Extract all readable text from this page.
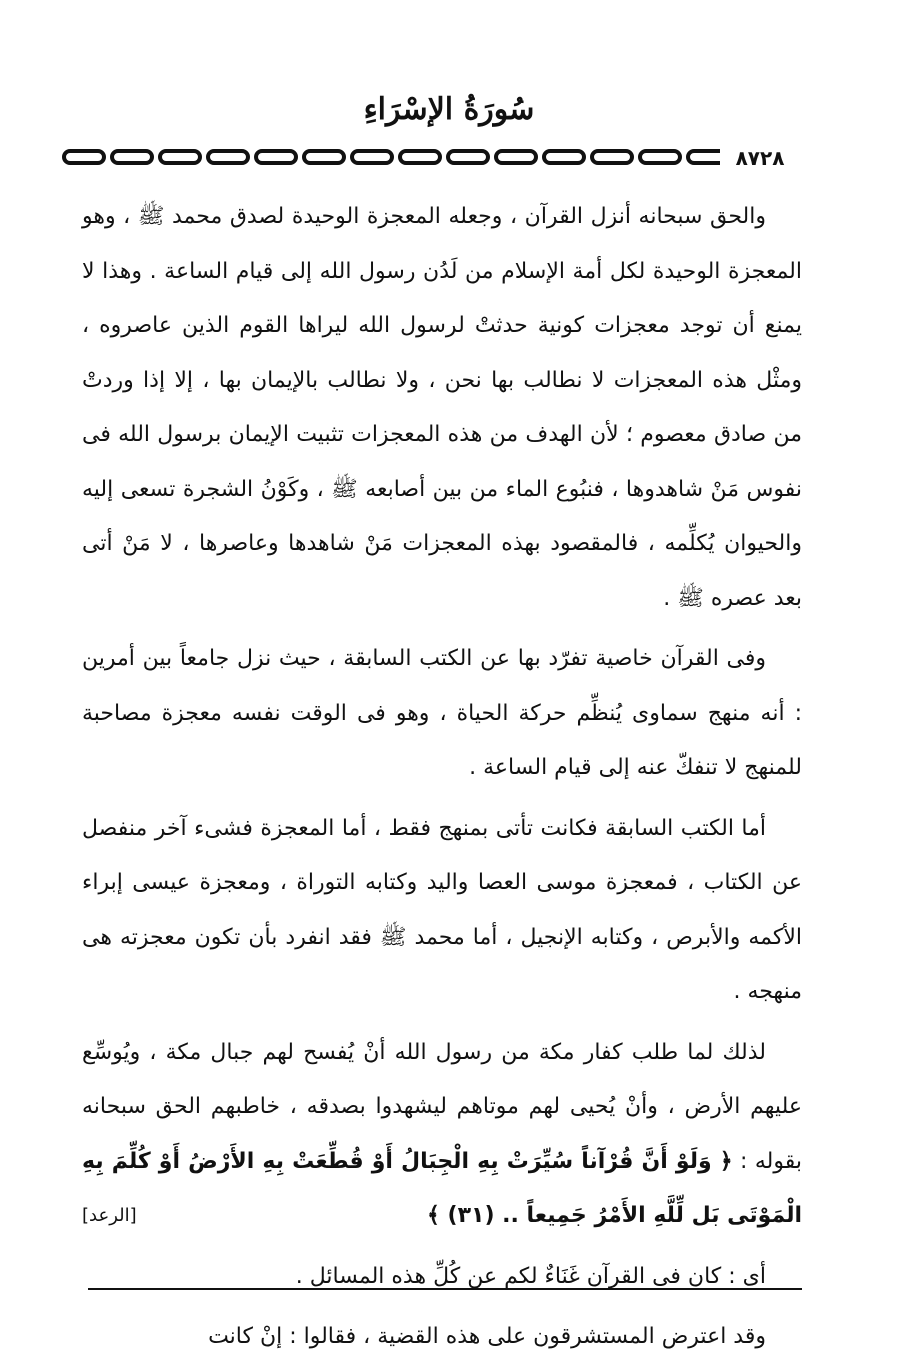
سُورَةُ الإسْرَاءِ
٨٧٢٨

والحق سبحانه أنزل القرآن ، وجعله المعجزة الوحيدة لصدق محمد ﷺ ، وهو المعجزة الوحيدة لكل أمة الإسلام من لَدُن رسول الله إلى قيام الساعة . وهذا لا يمنع أن توجد معجزات كونية حدثتْ لرسول الله ليراها القوم الذين عاصروه ، ومثْل هذه المعجزات لا نطالب بها نحن ، ولا نطالب بالإيمان بها ، إلا إذا وردتْ من صادق معصوم ؛ لأن الهدف من هذه المعجزات تثبيت الإيمان برسول الله فى نفوس مَنْ شاهدوها ، فنبُوع الماء من بين أصابعه ﷺ ، وكَوْنُ الشجرة تسعى إليه والحيوان يُكلِّمه ، فالمقصود بهذه المعجزات مَنْ شاهدها وعاصرها ، لا مَنْ أتى بعد عصره ﷺ .

وفى القرآن خاصية تفرّد بها عن الكتب السابقة ، حيث نزل جامعاً بين أمرين : أنه منهج سماوى يُنظِّم حركة الحياة ، وهو فى الوقت نفسه معجزة مصاحبة للمنهج لا تنفكّ عنه إلى قيام الساعة .

أما الكتب السابقة فكانت تأتى بمنهج فقط ، أما المعجزة فشىء آخر منفصل عن الكتاب ، فمعجزة موسى العصا واليد وكتابه التوراة ، ومعجزة عيسى إبراء الأكمه والأبرص ، وكتابه الإنجيل ، أما محمد ﷺ فقد انفرد بأن تكون معجزته هى منهجه .

لذلك لما طلب كفار مكة من رسول الله أنْ يُفسح لهم جبال مكة ، ويُوسِّع عليهم الأرض ، وأنْ يُحيى لهم موتاهم ليشهدوا بصدقه ، خاطبهم الحق سبحانه بقوله : ﴿ وَلَوْ أَنَّ قُرْآناً سُيِّرَتْ بِهِ الْجِبَالُ أَوْ قُطِّعَتْ بِهِ الأَرْضُ أَوْ كُلِّمَ بِهِ الْمَوْتَى بَل لِّلَّهِ الأَمْرُ جَمِيعاً .. (٣١) ﴾
[الرعد]

أى : كان فى القرآن غَنَاءٌ لكم عن كُلِّ هذه المسائل .

وقد اعترض المستشرقون على هذه القضية ، فقالوا : إنْ كانت
